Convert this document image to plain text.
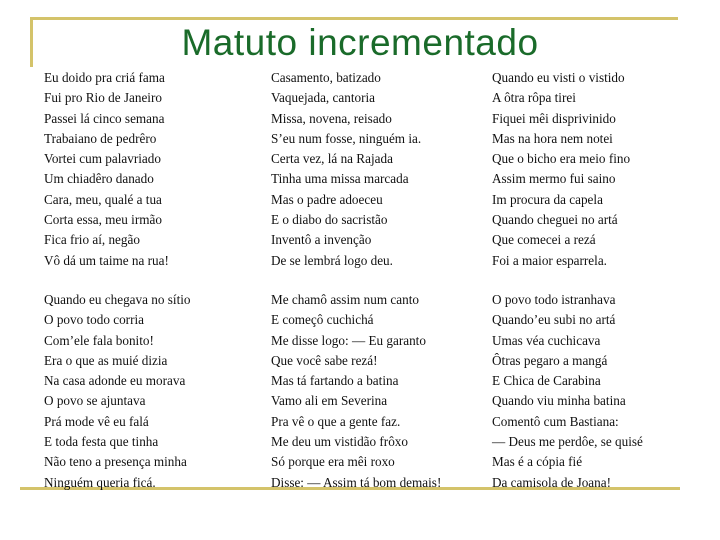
Matuto incrementado
Eu doido pra criá fama
Fui pro Rio de Janeiro
Passei lá cinco semana
Trabaiano de pedrêro
Vortei cum palavriado
Um chiadêro danado
Cara, meu, qualé a tua
Corta essa, meu irmão
Fica frio aí, negão
Vô dá um taime na rua!
Casamento, batizado
Vaquejada, cantoria
Missa, novena, reisado
S’eu num fosse, ninguém ia.
Certa vez, lá na Rajada
Tinha uma missa marcada
Mas o padre adoeceu
E o diabo do sacristão
Inventô a invenção
De se lembrá logo deu.
Quando eu visti o vistido
A ôtra rôpa tirei
Fiquei mêi disprivinido
Mas na hora nem notei
Que o bicho era meio fino
Assim mermo fui saino
Im procura da capela
Quando cheguei no artá
Que comecei a rezá
Foi a maior esparrela.
Quando eu chegava no sítio
O povo todo corria
Com’ele fala bonito!
Era o que as muié dizia
Na casa adonde eu morava
O povo se ajuntava
Prá mode vê eu falá
E toda festa que tinha
Não teno a presença minha
Ninguém queria ficá.
Me chamô assim num canto
E começô cuchichá
Me disse logo: — Eu garanto
Que você sabe rezá!
Mas tá fartando a batina
Vamo ali em Severina
Pra vê o que a gente faz.
Me deu um vistidão frôxo
Só porque era mêi roxo
Disse: — Assim tá bom demais!
O povo todo istranhava
Quando’eu subi no artá
Umas véa cuchicava
Ôtras pegaro a mangá
E Chica de Carabina
Quando viu minha batina
Comentô cum Bastiana:
— Deus me perdôe, se quisé
Mas é a cópia fié
Da camisola de Joana!
